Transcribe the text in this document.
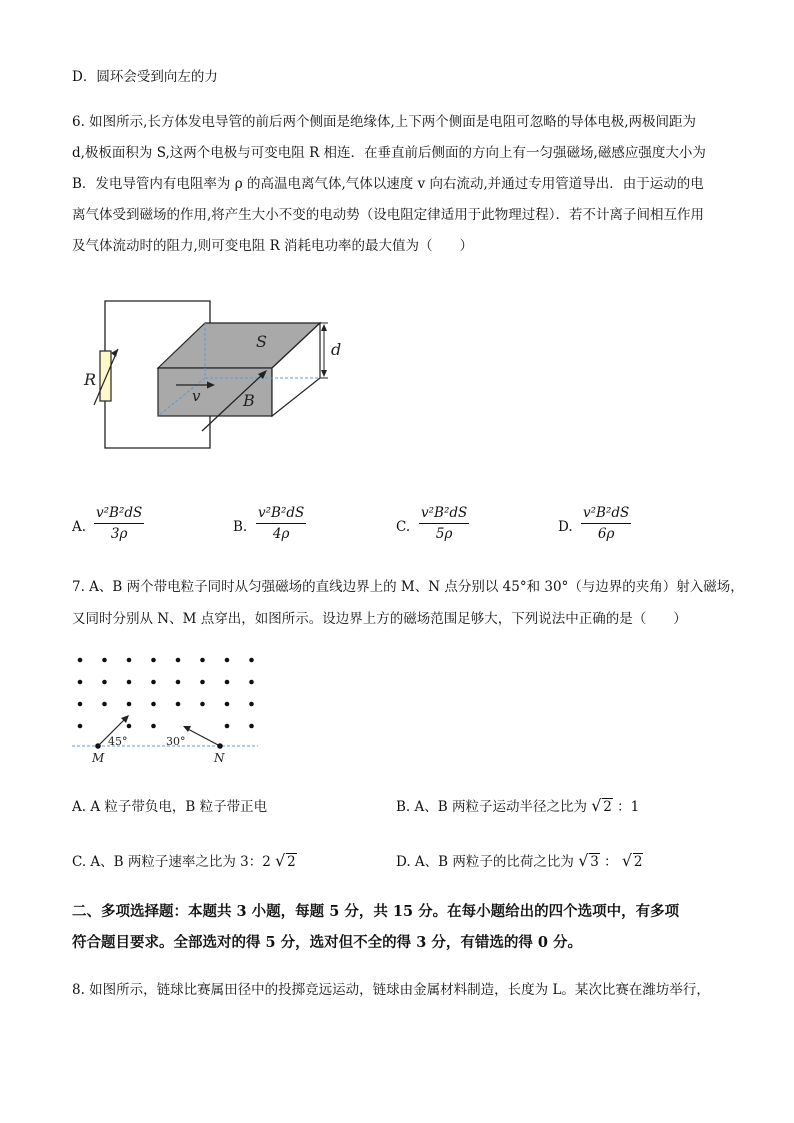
D．圆环会受到向左的力
6. 如图所示,长方体发电导管的前后两个侧面是绝缘体,上下两个侧面是电阻可忽略的导体电极,两极间距为
d,极板面积为 S,这两个电极与可变电阻 R 相连．在垂直前后侧面的方向上有一匀强磁场,磁感应强度大小为
B．发电导管内有电阻率为 ρ 的高温电离气体,气体以速度 v 向右流动,并通过专用管道导出．由于运动的电
离气体受到磁场的作用,将产生大小不变的电动势（设电阻定律适用于此物理过程）．若不计离子间相互作用
及气体流动时的阻力,则可变电阻 R 消耗电功率的最大值为（　　）
R
S	d
v	B
A. $\frac{\text{v²B²dS}}{3\rho}$	B. $\frac{\text{v²B²dS}}{4\rho}$	C. $\frac{\text{v²B²dS}}{5\rho}$	D. $\frac{\text{v²B²dS}}{6\rho}$
7. A、B 两个带电粒子同时从匀强磁场的直线边界上的 M、N 点分别以 45°和 30°（与边界的夹角）射入磁场，
又同时分别从 N、M 点穿出，如图所示。设边界上方的磁场范围足够大，下列说法中正确的是（　　）
45°	30°
M	N
A. A 粒子带负电，B 粒子带正电	B. A、B 两粒子运动半径之比为 √ 2 ：1
C. A、B 两粒子速率之比为 3：2 √ 2	D. A、B 两粒子的比荷之比为 √ 3 ： √ 2
二、多项选择题：本题共 3 小题，每题 5 分，共 15 分。在每小题给出的四个选项中，有多项
符合题目要求。全部选对的得 5 分，选对但不全的得 3 分，有错选的得 0 分。
8. 如图所示，链球比赛属田径中的投掷竞远运动，链球由金属材料制造，长度为 L。某次比赛在潍坊举行，
